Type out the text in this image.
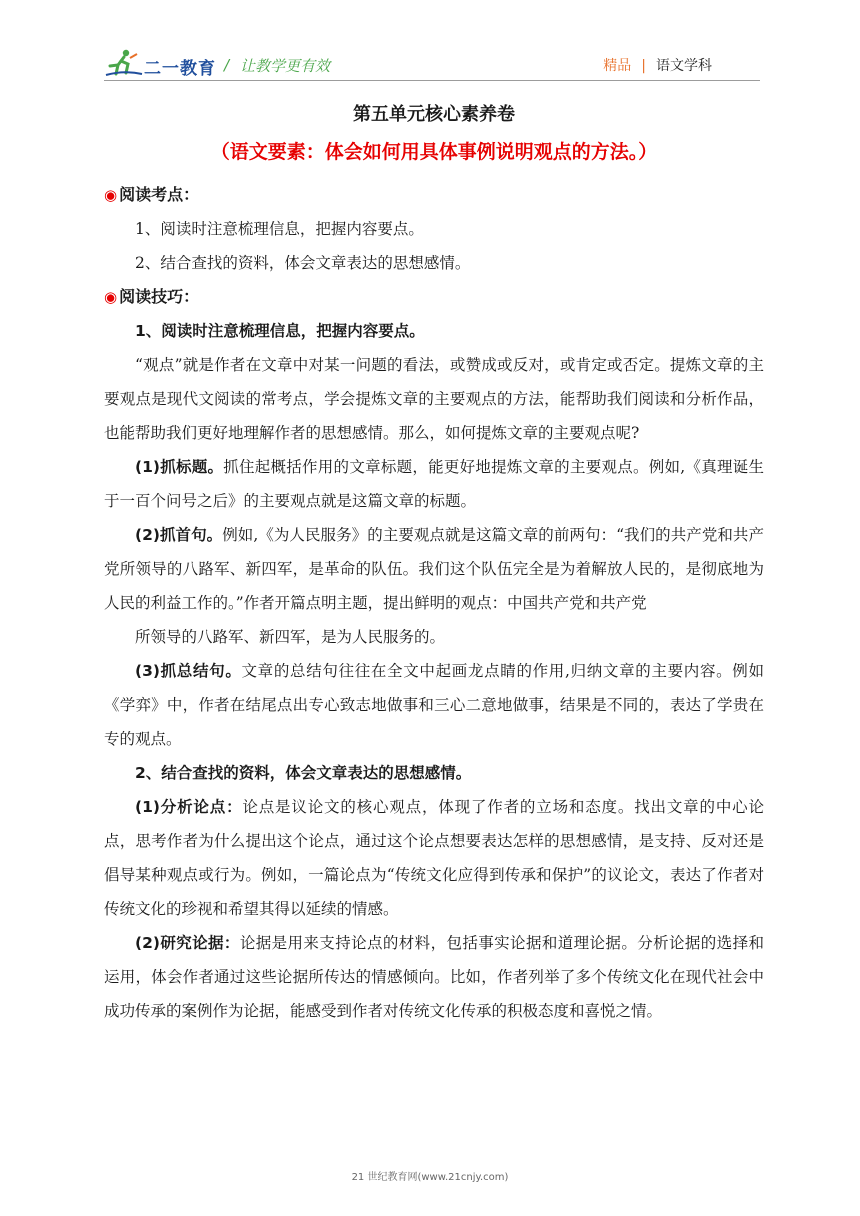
二一教育 / 让教学更有效	精品 | 语文学科
第五单元核心素养卷
（语文要素：体会如何用具体事例说明观点的方法。）
◉ 阅读考点：

1、阅读时注意梳理信息，把握内容要点。

2、结合查找的资料，体会文章表达的思想感情。

◉ 阅读技巧：
1、阅读时注意梳理信息，把握内容要点。

“观点”就是作者在文章中对某一问题的看法，或赞成或反对，或肯定或否定。提炼文章的主要观点是现代文阅读的常考点，学会提炼文章的主要观点的方法，能帮助我们阅读和分析作品，也能帮助我们更好地理解作者的思想感情。那么，如何提炼文章的主要观点呢?

(1)抓标题。抓住起概括作用的文章标题，能更好地提炼文章的主要观点。例如,《真理诞生于一百个问号之后》的主要观点就是这篇文章的标题。

(2)抓首句。例如,《为人民服务》的主要观点就是这篇文章的前两句：“我们的共产党和共产党所领导的八路军、新四军，是革命的队伍。我们这个队伍完全是为着解放人民的，是彻底地为人民的利益工作的。”作者开篇点明主题，提出鲜明的观点：中国共产党和共产党

所领导的八路军、新四军，是为人民服务的。

(3)抓总结句。文章的总结句往往在全文中起画龙点睛的作用,归纳文章的主要内容。例如《学弈》中，作者在结尾点出专心致志地做事和三心二意地做事，结果是不同的，表达了学贵在专的观点。

2、结合查找的资料，体会文章表达的思想感情。

(1)分析论点：论点是议论文的核心观点，体现了作者的立场和态度。找出文章的中心论点，思考作者为什么提出这个论点，通过这个论点想要表达怎样的思想感情，是支持、反对还是倡导某种观点或行为。例如，一篇论点为“传统文化应得到传承和保护”的议论文，表达了作者对传统文化的珍视和希望其得以延续的情感。

(2)研究论据：论据是用来支持论点的材料，包括事实论据和道理论据。分析论据的选择和运用，体会作者通过这些论据所传达的情感倾向。比如，作者列举了多个传统文化在现代社会中成功传承的案例作为论据，能感受到作者对传统文化传承的积极态度和喜悦之情。

21 世纪教育网(www.21cnjy.com)
